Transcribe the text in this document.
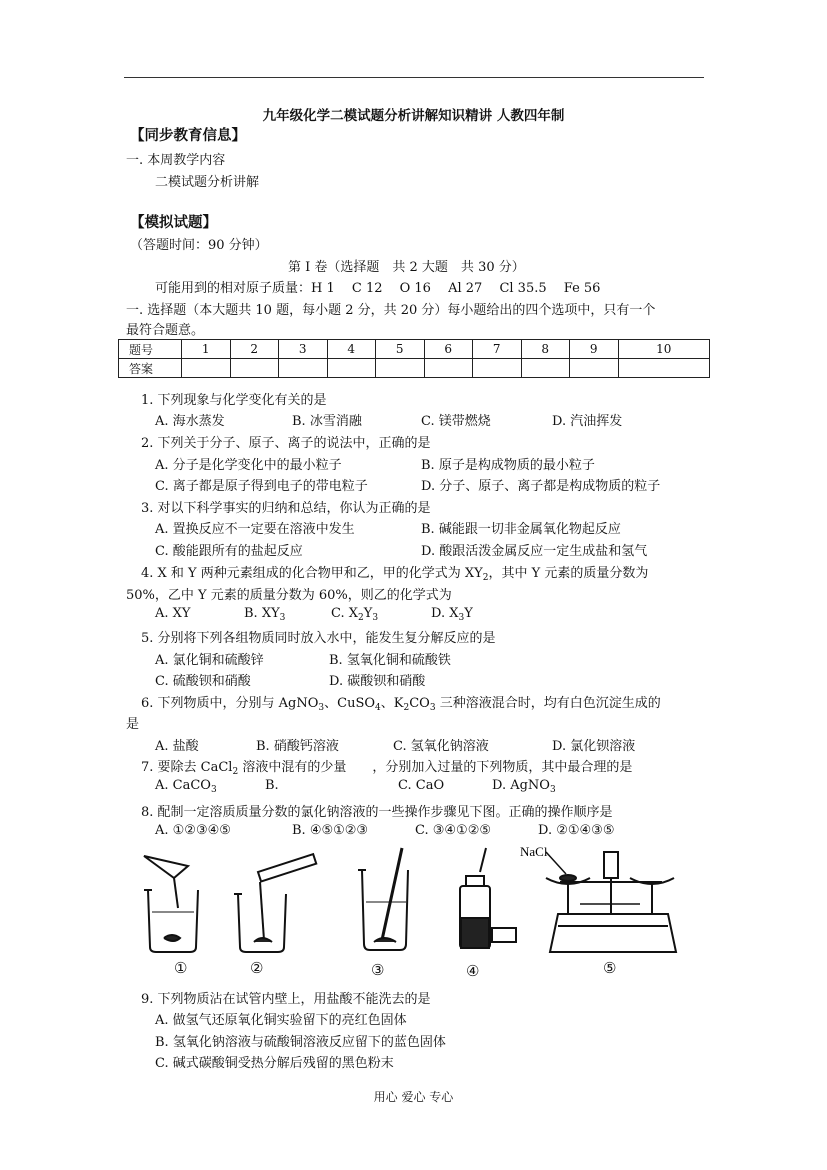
九年级化学二模试题分析讲解知识精讲 人教四年制
【同步教育信息】
一. 本周教学内容
二模试题分析讲解
【模拟试题】
（答题时间：90 分钟）
第 I 卷（选择题　共 2 大题　共 30 分）
可能用到的相对原子质量：H 1　 C 12　 O 16　 Al 27　 Cl 35.5　 Fe 56
一. 选择题（本大题共 10 题，每小题 2 分，共 20 分）每小题给出的四个选项中，只有一个
最符合题意。
题号	1	2	3	4	5	6	7	8	9	10
答案										
1. 下列现象与化学变化有关的是
A. 海水蒸发	B. 冰雪消融	C. 镁带燃烧	D. 汽油挥发
2. 下列关于分子、原子、离子的说法中，正确的是
A. 分子是化学变化中的最小粒子	B. 原子是构成物质的最小粒子
C. 离子都是原子得到电子的带电粒子	D. 分子、原子、离子都是构成物质的粒子
3. 对以下科学事实的归纳和总结，你认为正确的是
A. 置换反应不一定要在溶液中发生	B. 碱能跟一切非金属氧化物起反应
C. 酸能跟所有的盐起反应	D. 酸跟活泼金属反应一定生成盐和氢气
4. X 和 Y 两种元素组成的化合物甲和乙，甲的化学式为 $XY_2$，其中 Y 元素的质量分数为
50%，乙中 Y 元素的质量分数为 60%，则乙的化学式为
A. XY	B. $XY_3$	C. $X_2Y_3$	D. $X_3Y$
5. 分别将下列各组物质同时放入水中，能发生复分解反应的是
A. 氯化铜和硫酸锌	B. 氢氧化铜和硫酸铁
C. 硫酸钡和硝酸	D. 碳酸钡和硝酸
6. 下列物质中，分别与 AgNO$_3$、CuSO$_4$、$K_2CO_3$ 三种溶液混合时，均有白色沉淀生成的
是
A. 盐酸	B. 硝酸钙溶液	C. 氢氧化钠溶液	D. 氯化钡溶液
7. 要除去 CaCl$_2$ 溶液中混有的少量　　，分别加入过量的下列物质，其中最合理的是
A. CaCO$_3$	B.	C. CaO	D. AgNO$_3$
8. 配制一定溶质质量分数的氯化钠溶液的一些操作步骤见下图。正确的操作顺序是
A. ①②③④⑤	B. ④⑤①②③	C. ③④①②⑤	D. ②①④③⑤
NaCl
①	②	③	④	⑤
9. 下列物质沾在试管内壁上，用盐酸不能洗去的是
A. 做氢气还原氧化铜实验留下的亮红色固体
B. 氢氧化钠溶液与硫酸铜溶液反应留下的蓝色固体
C. 碱式碳酸铜受热分解后残留的黑色粉末
用心 爱心 专心
